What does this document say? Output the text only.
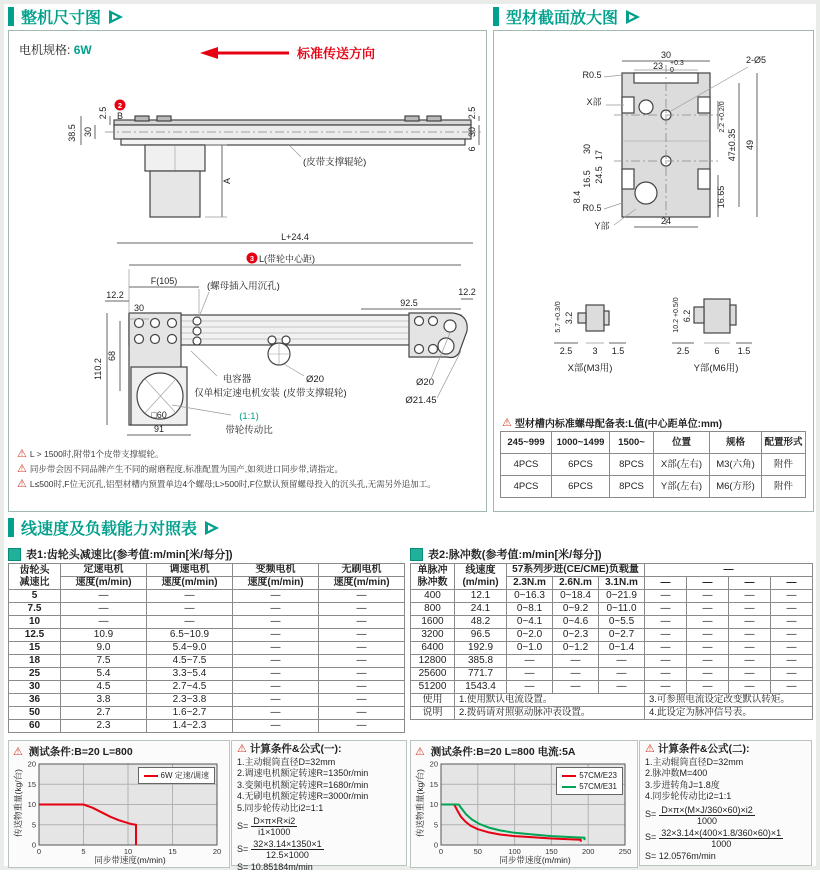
整机尺寸图	型材截面放大图
线速度及负载能力对照表
电机规格: 6W	标准传送方向
38.5 30
2.5
2
B
A
(皮带支撑辊轮)
2.5
30
6
L+24.4
3 L(带轮中心距)
F(105)
12.2	12.2
30	92.5
110.2
68
□60
91
(螺母插入用沉孔)
电容器
仅单相定速电机安装
Ø20
(皮带支撑辊轮)
Ø20
Ø21.45
(1:1)
带轮传动比
⚠ L > 1500时,附带1个皮带支撑辊轮。
⚠ 同步带会因不同品牌产生不同的耐磨程度,标准配置为国产,如须进口同步带,请指定。
⚠ L≤500时,F位无沉孔,铝型材槽内预置单边4个螺母;L>500时,F位默认预留螺母投入的沉头孔,无需另外追加工。
30
23 +0.3
0
2-Ø5
R0.5
X部
30
17
16.5 24.5
8.4
R0.5
Y部	24
2.2 +0.2/0
47±0.35 49
16.65
5.7 +0.3/0 3.2
2.5 3 1.5
X部(M3用)
10.2 +0.5/0 6.2
2.5	6 1.5
Y部(M6用)
⚠ 型材槽内标准螺母配备表:L值(中心距单位:mm)
245~999	1000~1499	1500~	位置	规格	配置形式
4PCS	6PCS	8PCS	X部(左右)	M3(六角)	附件
4PCS	6PCS	8PCS	Y部(左右)	M6(方形)	附件
表1:齿轮头减速比(参考值:m/min[米/每分])
齿轮头
减速比	定速电机	调速电机	变频电机	无刷电机
	速度(m/min)	速度(m/min)	速度(m/min)	速度(m/min)
5	—	—	—	—
7.5	—	—	—	—
10	—	—	—	—
12.5	10.9	6.5~10.9	—	—
15	9.0	5.4~9.0	—	—
18	7.5	4.5~7.5	—	—
25	5.4	3.3~5.4	—	—
30	4.5	2.7~4.5	—	—
36	3.8	2.3~3.8	—	—
50	2.7	1.6~2.7	—	—
60	2.3	1.4~2.3	—	—
表2:脉冲数(参考值:m/min[米/每分])
单脉冲
脉冲数	线速度
(m/min)	57系列步进(CE/CME)负载量			—			
		2.3N.m	2.6N.m	3.1N.m	—	—	—	—
400	12.1	0~16.3	0~18.4	0~21.9	—	—	—	—
800	24.1	0~8.1	0~9.2	0~11.0	—	—	—	—
1600	48.2	0~4.1	0~4.6	0~5.5	—	—	—	—
3200	96.5	0~2.0	0~2.3	0~2.7	—	—	—	—
6400	192.9	0~1.0	0~1.2	0~1.4	—	—	—	—
12800	385.8	—	—	—	—	—	—	—
25600	771.7	—	—	—	—	—	—	—
51200	1543.4	—	—	—	—	—	—	—
使用	1.使用默认电流设置。				3.可参照电流设定改变默认转矩。			
说明	2.拨码请对照驱动脉冲表设置。				4.此设定为脉冲信号表。			
⚠ 测试条件:B=20 L=800
同步带速度(m/min)
传送物重量(kg/台)
0	5	10	15	20
0
5
10
15
20
6W 定速/调速
⚠ 计算条件&公式(一):
1.主动辊筒直径D=32mm
2.调速电机额定转速R=1350r/min
3.变频电机额定转速R=1680r/min
4.无刷电机额定转速R=3000r/min
5.同步轮传动比i2=1:1
$S= \frac{D\times\pi\times R\times i2}{i1\times 1000}$
$S= \frac{32\times 3.14\times 1350\times 1}{12.5\times 1000}$
S= 10.85184m/min
⚠ 测试条件:B=20 L=800 电流:5A
同步带速度(m/min)
传送物重量(kg/台)
0	50	100	150	200	250
0
5
10
15
20
57CM/E23
57CM/E31
⚠ 计算条件&公式(二):
1.主动辊筒直径D=32mm
2.脉冲数M=400
3.步进转角J=1.8度
4.同步轮传动比i2=1:1
$S= \frac{D\times\pi\times(M\times J/360\times 60)\times i2}{1000}$
$S= \frac{32\times 3.14\times(400\times 1.8/360\times 60)\times 1}{1000}$
S= 12.0576m/min
